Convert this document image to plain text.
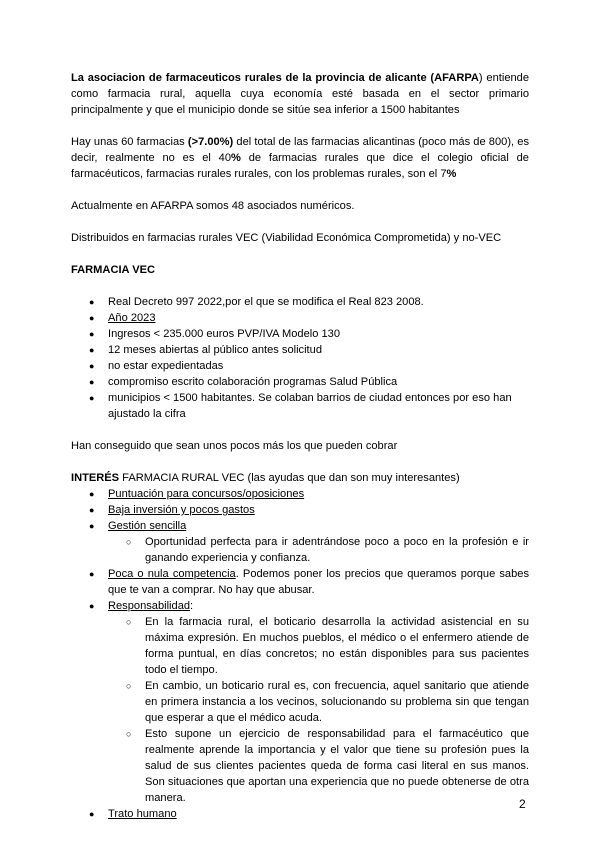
La asociacion de farmaceuticos rurales de la provincia de alicante (AFARPA) entiende como farmacia rural, aquella cuya economía esté basada en el sector primario principalmente y que el municipio donde se sitúe sea inferior a 1500 habitantes

Hay unas 60 farmacias (>7.00%) del total de las farmacias alicantinas (poco más de 800), es decir, realmente no es el 40% de farmacias rurales que dice el colegio oficial de farmacéuticos, farmacias rurales rurales, con los problemas rurales, son el 7%

Actualmente en AFARPA somos 48 asociados numéricos.

Distribuidos en farmacias rurales VEC (Viabilidad Económica Comprometida) y no-VEC

FARMACIA VEC

● Real Decreto 997 2022,por el que se modifica el Real 823 2008.
● Año 2023
● Ingresos < 235.000 euros PVP/IVA Modelo 130
● 12 meses abiertas al público antes solicitud
● no estar expedientadas
● compromiso escrito colaboración programas Salud Pública
● municipios < 1500 habitantes. Se colaban barrios de ciudad entonces por eso han ajustado la cifra

Han conseguido que sean unos pocos más los que pueden cobrar

INTERÉS FARMACIA RURAL VEC (las ayudas que dan son muy interesantes)

● Puntuación para concursos/oposiciones
● Baja inversión y pocos gastos
● Gestión sencilla
○ Oportunidad perfecta para ir adentrándose poco a poco en la profesión e ir ganando experiencia y confianza.
● Poca o nula competencia. Podemos poner los precios que queramos porque sabes que te van a comprar. No hay que abusar.
● Responsabilidad:
○ En la farmacia rural, el boticario desarrolla la actividad asistencial en su máxima expresión. En muchos pueblos, el médico o el enfermero atiende de forma puntual, en días concretos; no están disponibles para sus pacientes todo el tiempo.
○ En cambio, un boticario rural es, con frecuencia, aquel sanitario que atiende en primera instancia a los vecinos, solucionando su problema sin que tengan que esperar a que el médico acuda.
○ Esto supone un ejercicio de responsabilidad para el farmacéutico que realmente aprende la importancia y el valor que tiene su profesión pues la salud de sus clientes pacientes queda de forma casi literal en sus manos. Son situaciones que aportan una experiencia que no puede obtenerse de otra manera.
● Trato humano
2
